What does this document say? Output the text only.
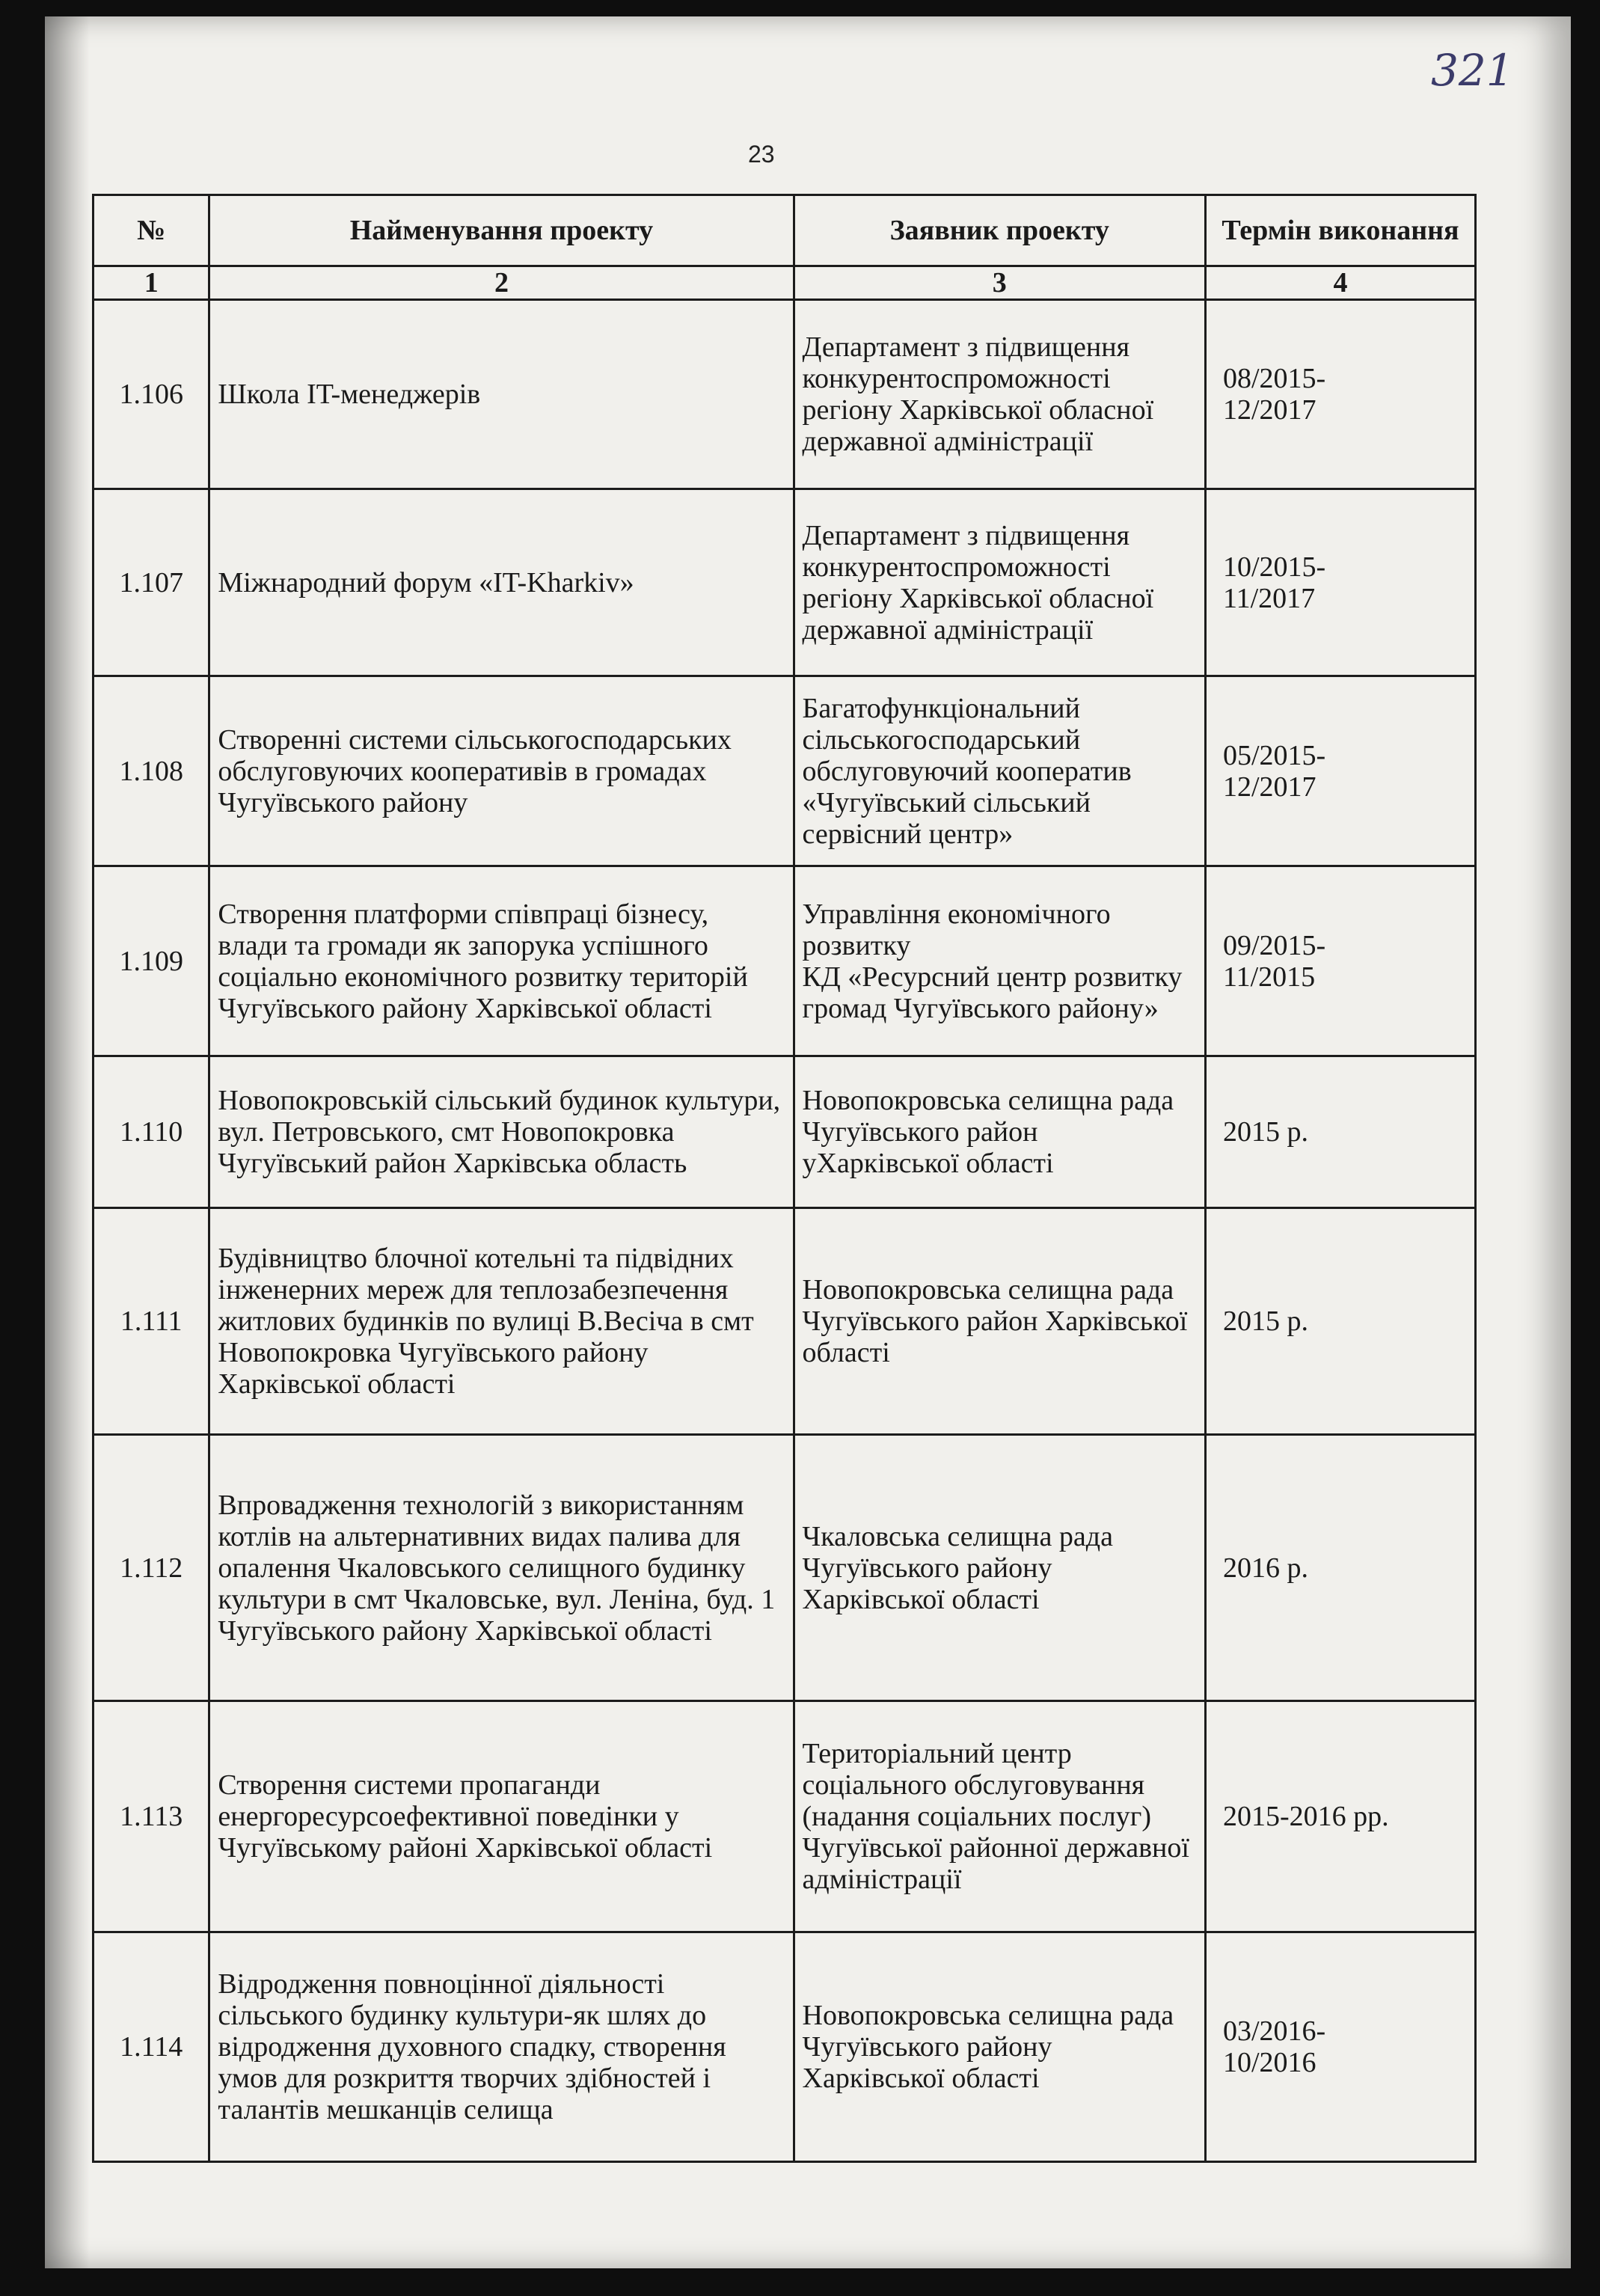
321
23
№	Найменування проекту	Заявник проекту	Термін виконання
1	2	3	4
1.106	Школа IT-менеджерів	Департамент з підвищення конкурентоспроможності регіону Харківської обласної державної адміністрації	08/2015-
12/2017
1.107	Міжнародний форум «IT-Kharkiv»	Департамент з підвищення конкурентоспроможності регіону Харківської обласної державної адміністрації	10/2015-
11/2017
1.108	Створенні системи сільськогосподарських обслуговуючих кооперативів в громадах Чугуївського району	Багатофункціональний сільськогосподарський обслуговуючий кооператив «Чугуївський сільський сервісний центр»	05/2015-
12/2017
1.109	Створення платформи співпраці бізнесу, влади та громади як запорука успішного соціально економічного розвитку територій Чугуївського району Харківської області	Управління економічного розвитку
КД «Ресурсний центр розвитку громад Чугуївського району»	09/2015-
11/2015
1.110	Новопокровській сільський будинок культури, вул. Петровського, смт Новопокровка Чугуївський район Харківська область	Новопокровська селищна рада Чугуївського район уХарківської області	2015 р.
1.111	Будівництво блочної котельні та підвідних інженерних мереж для теплозабезпечення житлових будинків по вулиці В.Весіча в смт Новопокровка Чугуївського району Харківської області	Новопокровська селищна рада Чугуївського район Харківської області	2015 р.
1.112	Впровадження технологій з використанням котлів на альтернативних видах палива для опалення Чкаловського селищного будинку культури в смт Чкаловське, вул. Леніна, буд. 1 Чугуївського району Харківської області	Чкаловська селищна рада Чугуївського району Харківської області	2016 р.
1.113	Створення системи пропаганди енергоресурсоефективної поведінки у Чугуївському районі Харківської області	Територіальний центр соціального обслуговування (надання соціальних послуг) Чугуївської районної державної адміністрації	2015-2016 рр.
1.114	Відродження повноцінної діяльності сільського будинку культури-як шлях до відродження духовного спадку, створення умов для розкриття творчих здібностей і талантів мешканців селища	Новопокровська селищна рада Чугуївського району Харківської області	03/2016-
10/2016
